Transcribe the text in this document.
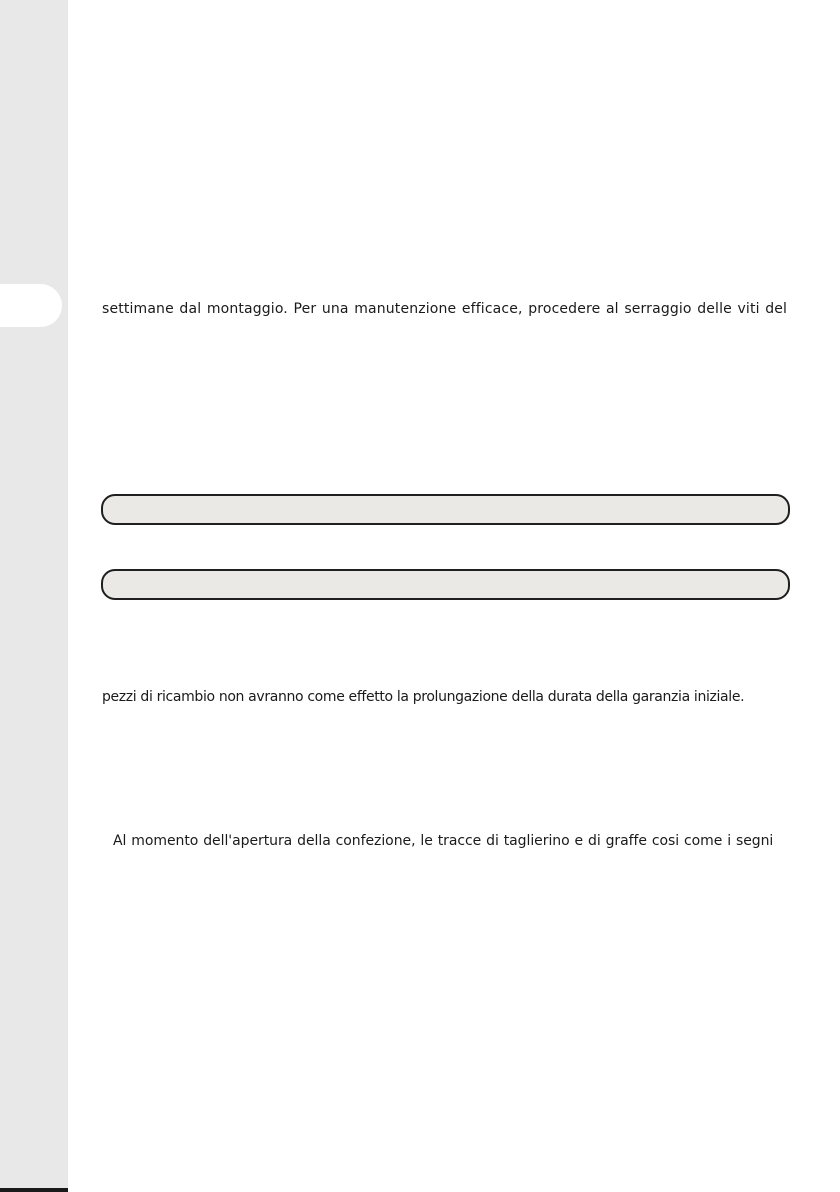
settimane dal montaggio. Per una manutenzione efficace, procedere al serraggio delle viti del
pezzi di ricambio non avranno come effetto la prolungazione della durata della garanzia iniziale.
Al momento dell'apertura della confezione, le tracce di taglierino e di graffe cosi come i segni
